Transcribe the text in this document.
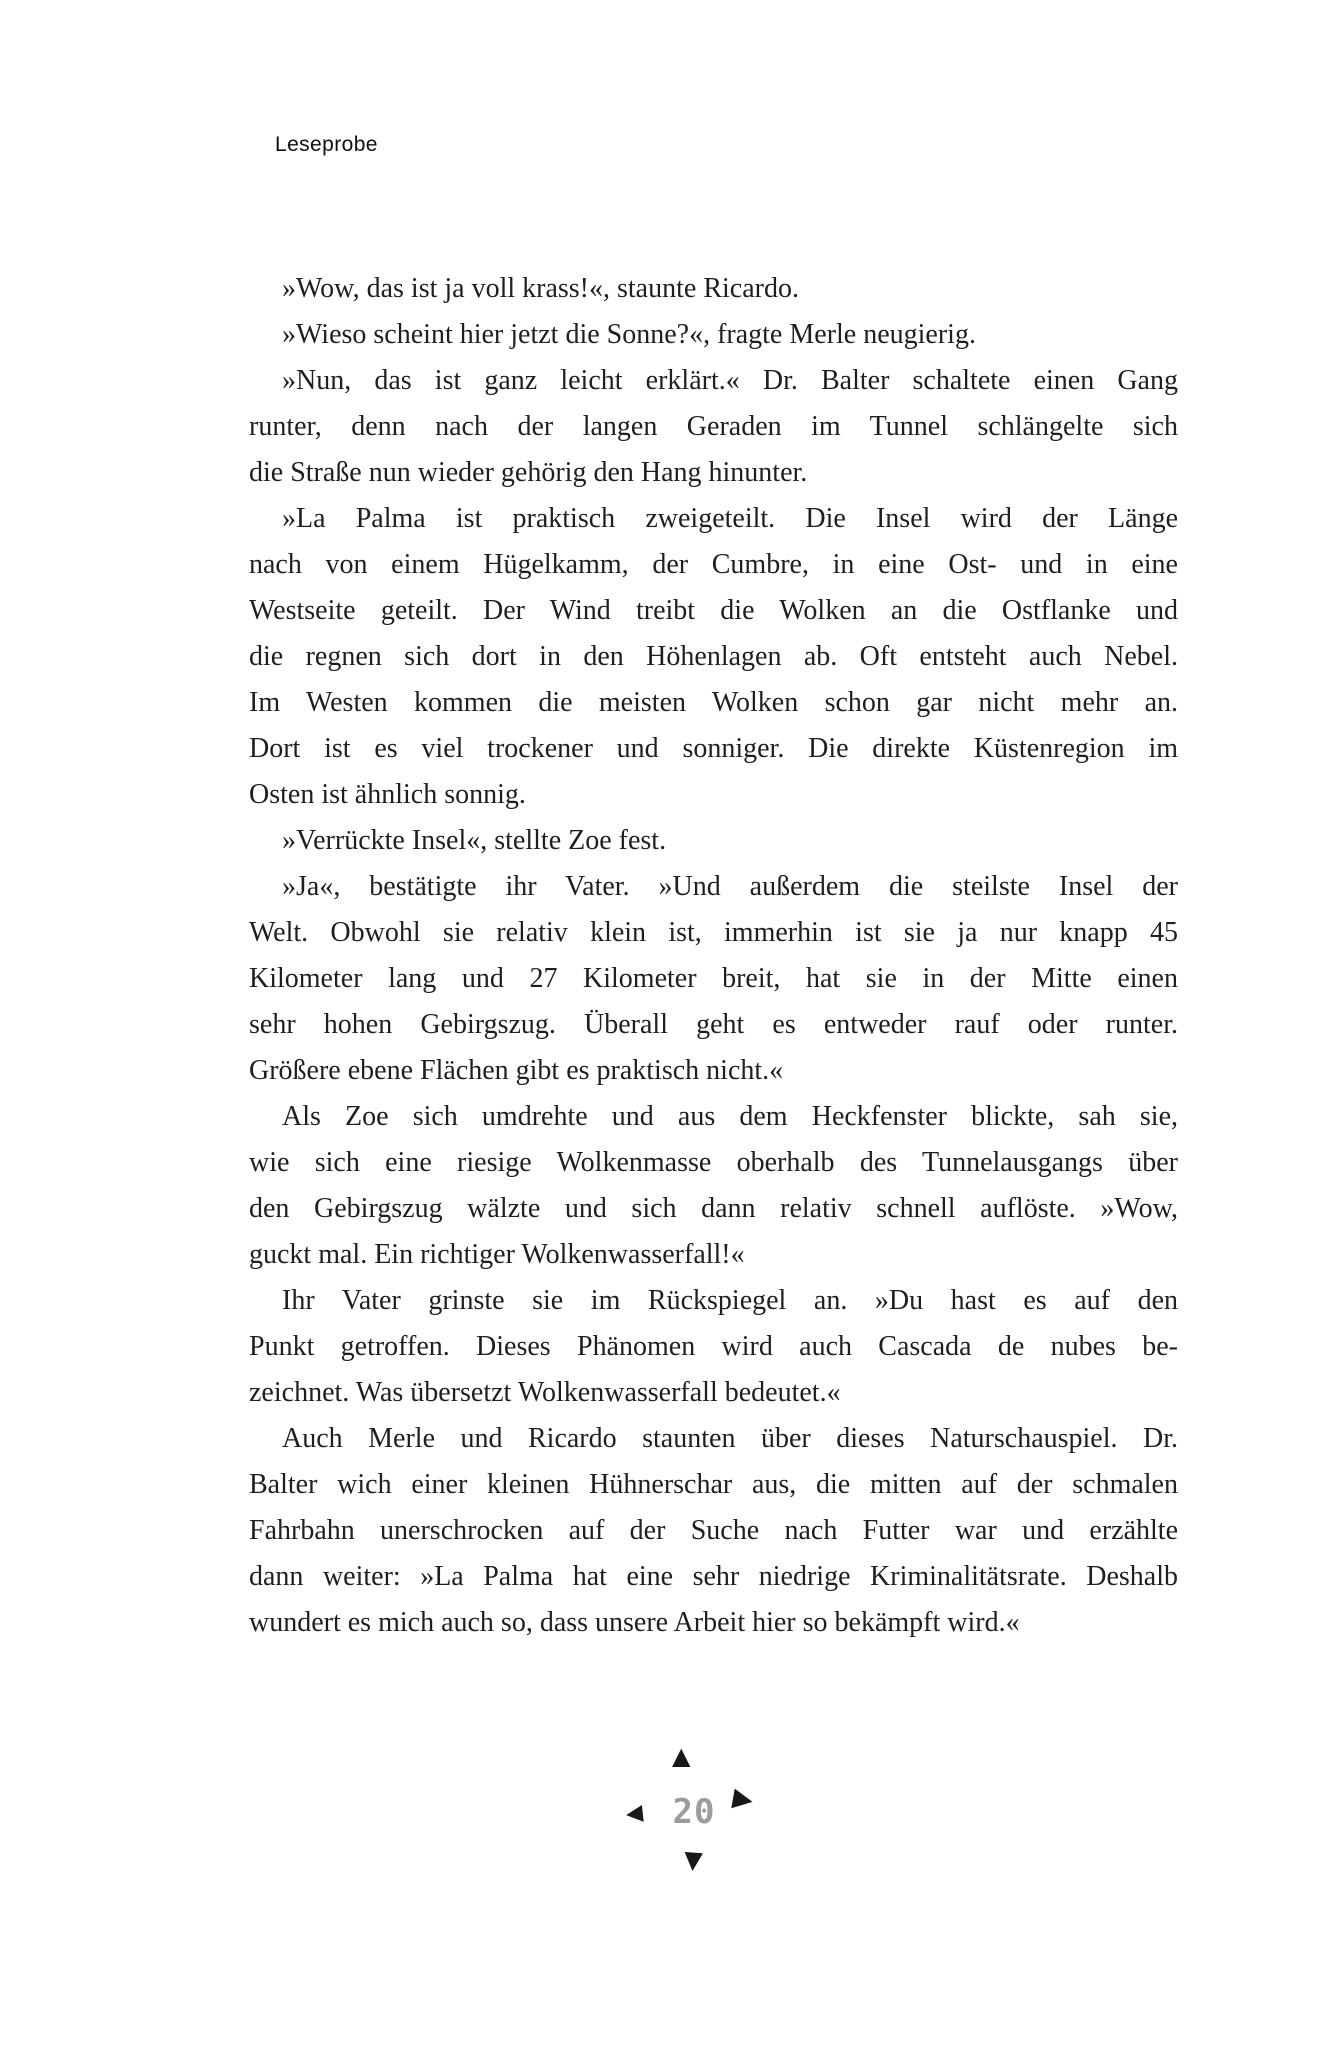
Leseprobe

»Wow, das ist ja voll krass!«, staunte Ricardo.

»Wieso scheint hier jetzt die Sonne?«, fragte Merle neugierig.

»Nun, das ist ganz leicht erklärt.« Dr. Balter schaltete einen Gang
runter, denn nach der langen Geraden im Tunnel schlängelte sich
die Straße nun wieder gehörig den Hang hinunter.

»La Palma ist praktisch zweigeteilt. Die Insel wird der Länge
nach von einem Hügelkamm, der Cumbre, in eine Ost- und in eine
Westseite geteilt. Der Wind treibt die Wolken an die Ostflanke und
die regnen sich dort in den Höhenlagen ab. Oft entsteht auch Nebel.
Im Westen kommen die meisten Wolken schon gar nicht mehr an.
Dort ist es viel trockener und sonniger. Die direkte Küstenregion im
Osten ist ähnlich sonnig.

»Verrückte Insel«, stellte Zoe fest.

»Ja«, bestätigte ihr Vater. »Und außerdem die steilste Insel der
Welt. Obwohl sie relativ klein ist, immerhin ist sie ja nur knapp 45
Kilometer lang und 27 Kilometer breit, hat sie in der Mitte einen
sehr hohen Gebirgszug. Überall geht es entweder rauf oder runter.
Größere ebene Flächen gibt es praktisch nicht.«

Als Zoe sich umdrehte und aus dem Heckfenster blickte, sah sie,
wie sich eine riesige Wolkenmasse oberhalb des Tunnelausgangs über
den Gebirgszug wälzte und sich dann relativ schnell auflöste. »Wow,
guckt mal. Ein richtiger Wolkenwasserfall!«

Ihr Vater grinste sie im Rückspiegel an. »Du hast es auf den
Punkt getroffen. Dieses Phänomen wird auch Cascada de nubes be-
zeichnet. Was übersetzt Wolkenwasserfall bedeutet.«

Auch Merle und Ricardo staunten über dieses Naturschauspiel. Dr.
Balter wich einer kleinen Hühnerschar aus, die mitten auf der schmalen
Fahrbahn unerschrocken auf der Suche nach Futter war und erzählte
dann weiter: »La Palma hat eine sehr niedrige Kriminalitätsrate. Deshalb
wundert es mich auch so, dass unsere Arbeit hier so bekämpft wird.«

▲
◀ 20 ▶
▼
